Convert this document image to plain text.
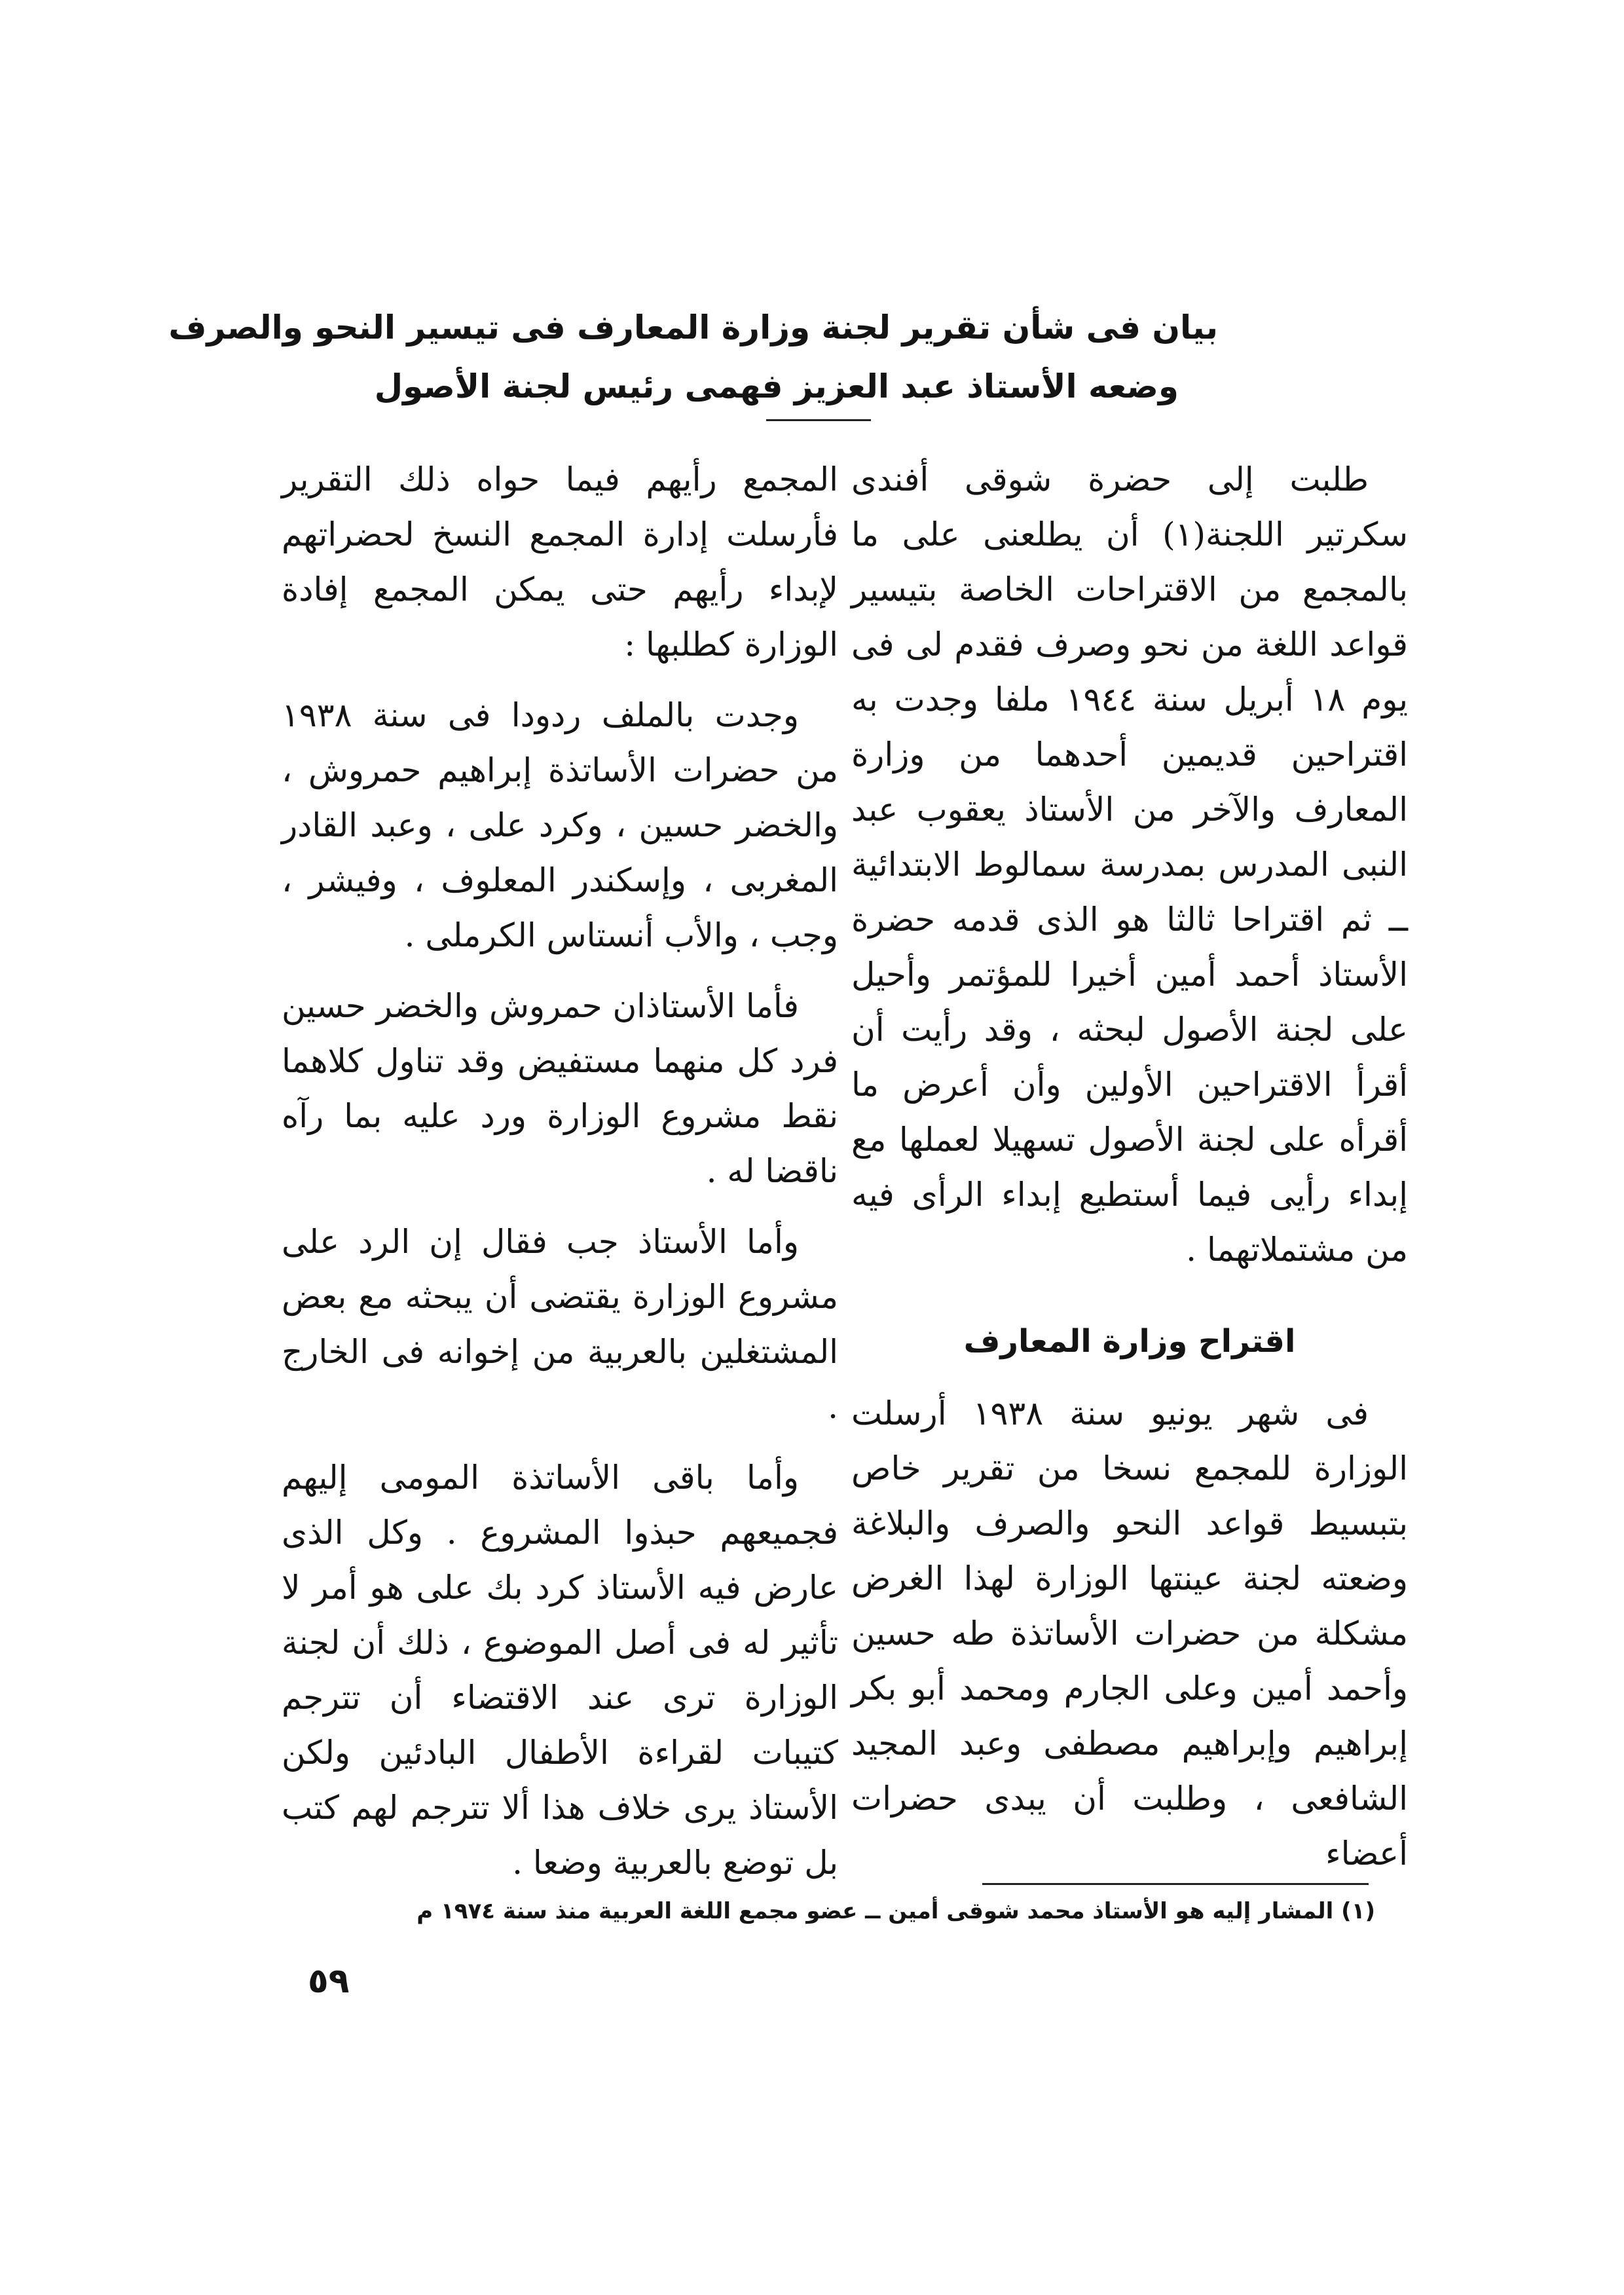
بيان فى شأن تقرير لجنة وزارة المعارف فى تيسير النحو والصرف
وضعه الأستاذ عبد العزيز فهمى رئيس لجنة الأصول

طلبت إلى حضرة شوقى أفندى سكرتير اللجنة(١) أن يطلعنى على ما بالمجمع من الاقتراحات الخاصة بتيسير قواعد اللغة من نحو وصرف فقدم لى فى يوم ١٨ أبريل سنة ١٩٤٤ ملفا وجدت به اقتراحين قديمين أحدهما من وزارة المعارف والآخر من الأستاذ يعقوب عبد النبى المدرس بمدرسة سمالوط الابتدائية ــ ثم اقتراحا ثالثا هو الذى قدمه حضرة الأستاذ أحمد أمين أخيرا للمؤتمر وأحيل على لجنة الأصول لبحثه ، وقد رأيت أن أقرأ الاقتراحين الأولين وأن أعرض ما أقرأه على لجنة الأصول تسهيلا لعملها مع إبداء رأيى فيما أستطيع إبداء الرأى فيه من مشتملاتهما .

اقتراح وزارة المعارف

فى شهر يونيو سنة ١٩٣٨ أرسلت الوزارة للمجمع نسخا من تقرير خاص بتبسيط قواعد النحو والصرف والبلاغة وضعته لجنة عينتها الوزارة لهذا الغرض مشكلة من حضرات الأساتذة طه حسين وأحمد أمين وعلى الجارم ومحمد أبو بكر إبراهيم وإبراهيم مصطفى وعبد المجيد الشافعى ، وطلبت أن يبدى حضرات أعضاء

المجمع رأيهم فيما حواه ذلك التقرير فأرسلت إدارة المجمع النسخ لحضراتهم لإبداء رأيهم حتى يمكن المجمع إفادة الوزارة كطلبها :

وجدت بالملف ردودا فى سنة ١٩٣٨ من حضرات الأساتذة إبراهيم حمروش ، والخضر حسين ، وكرد على ، وعبد القادر المغربى ، وإسكندر المعلوف ، وفيشر ، وجب ، والأب أنستاس الكرملى .

فأما الأستاذان حمروش والخضر حسين فرد كل منهما مستفيض وقد تناول كلاهما نقط مشروع الوزارة ورد عليه بما رآه ناقضا له .

وأما الأستاذ جب فقال إن الرد على مشروع الوزارة يقتضى أن يبحثه مع بعض المشتغلين بالعربية من إخوانه فى الخارج .

وأما باقى الأساتذة المومى إليهم فجميعهم حبذوا المشروع . وكل الذى عارض فيه الأستاذ كرد بك على هو أمر لا تأثير له فى أصل الموضوع ، ذلك أن لجنة الوزارة ترى عند الاقتضاء أن تترجم كتيبات لقراءة الأطفال البادئين ولكن الأستاذ يرى خلاف هذا ألا تترجم لهم كتب بل توضع بالعربية وضعا .

(١) المشار إليه هو الأستاذ محمد شوقى أمين ــ عضو مجمع اللغة العربية منذ سنة ١٩٧٤ م
٥٩
